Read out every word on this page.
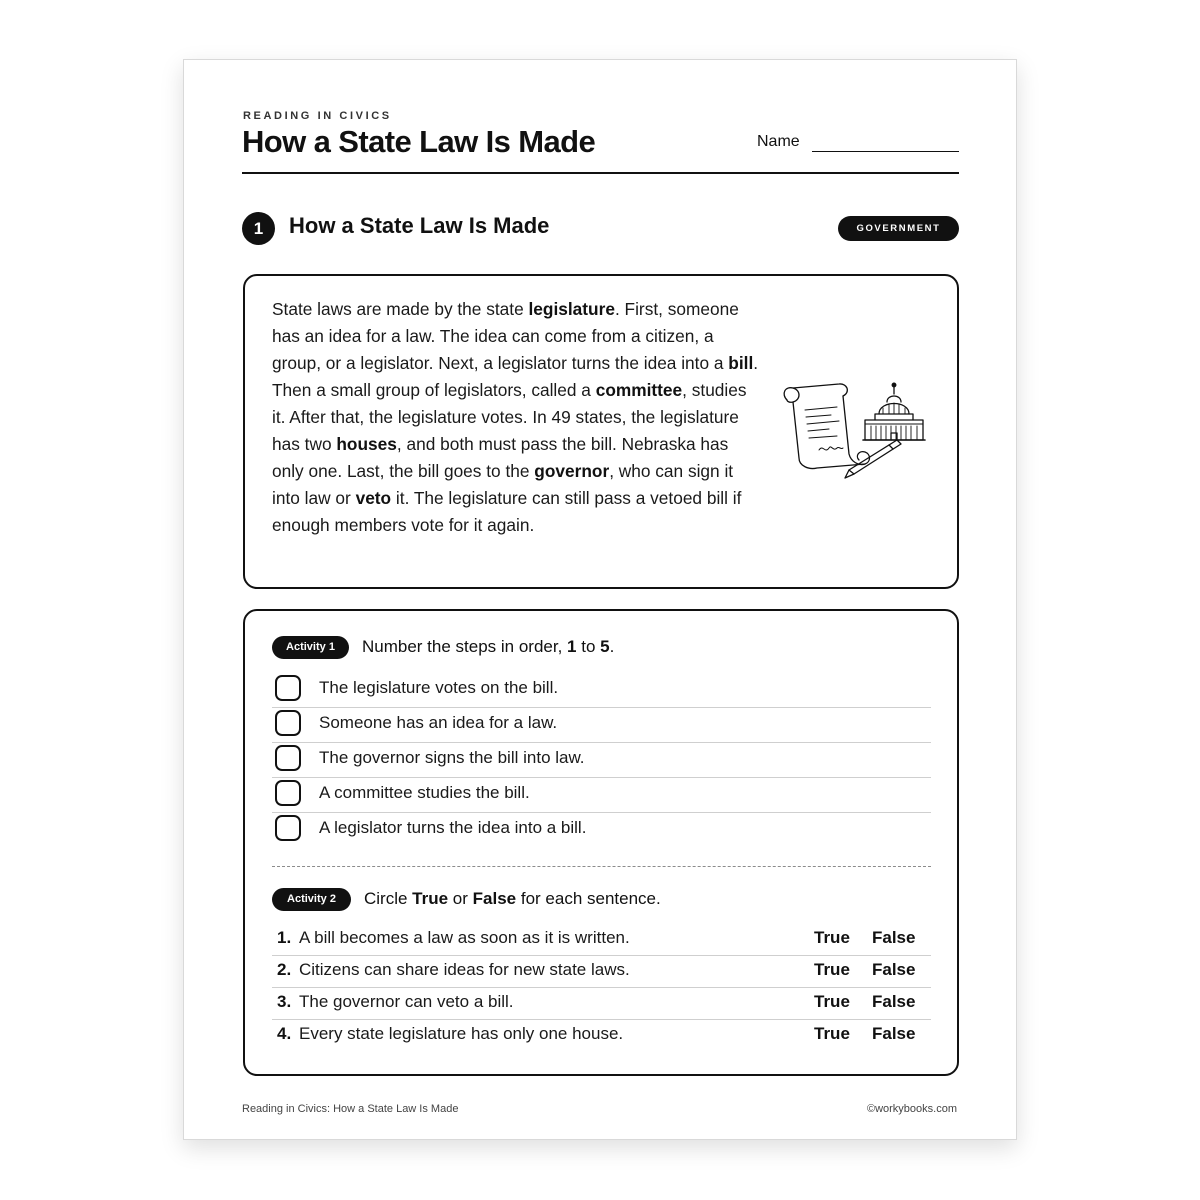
READING IN CIVICS
How a State Law Is Made	Name
1	How a State Law Is Made	GOVERNMENT
State laws are made by the state legislature. First, someone has an idea for a law. The idea can come from a citizen, a group, or a legislator. Next, a legislator turns the idea into a bill. Then a small group of legislators, called a committee, studies it. After that, the legislature votes. In 49 states, the legislature has two houses, and both must pass the bill. Nebraska has only one. Last, the bill goes to the governor, who can sign it into law or veto it. The legislature can still pass a vetoed bill if enough members vote for it again.
Activity 1	Number the steps in order, 1 to 5.
The legislature votes on the bill.
Someone has an idea for a law.
The governor signs the bill into law.
A committee studies the bill.
A legislator turns the idea into a bill.
Activity 2	Circle True or False for each sentence.
1. A bill becomes a law as soon as it is written.	True False
2. Citizens can share ideas for new state laws.	True False
3. The governor can veto a bill.	True False
4. Every state legislature has only one house.	True False
Reading in Civics: How a State Law Is Made	©workybooks.com
